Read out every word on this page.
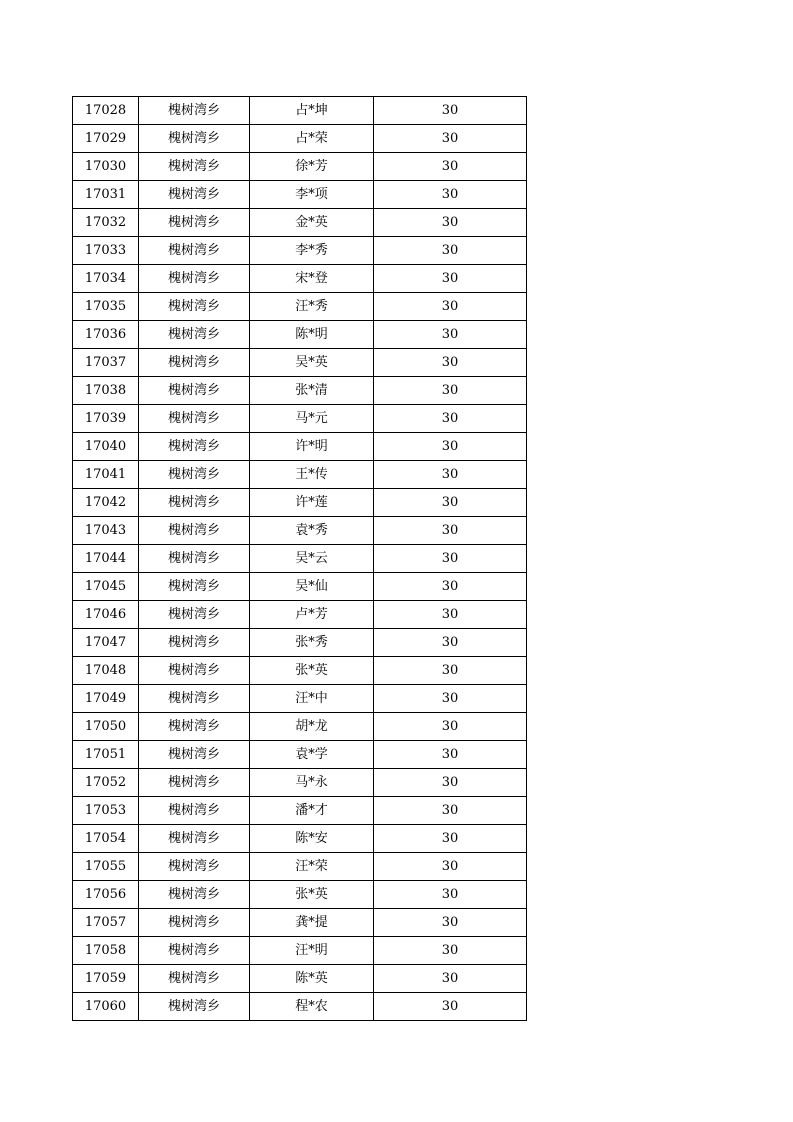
17028	槐树湾乡	占*坤	30
17029	槐树湾乡	占*荣	30
17030	槐树湾乡	徐*芳	30
17031	槐树湾乡	李*项	30
17032	槐树湾乡	金*英	30
17033	槐树湾乡	李*秀	30
17034	槐树湾乡	宋*登	30
17035	槐树湾乡	汪*秀	30
17036	槐树湾乡	陈*明	30
17037	槐树湾乡	吴*英	30
17038	槐树湾乡	张*清	30
17039	槐树湾乡	马*元	30
17040	槐树湾乡	许*明	30
17041	槐树湾乡	王*传	30
17042	槐树湾乡	许*莲	30
17043	槐树湾乡	袁*秀	30
17044	槐树湾乡	吴*云	30
17045	槐树湾乡	吴*仙	30
17046	槐树湾乡	卢*芳	30
17047	槐树湾乡	张*秀	30
17048	槐树湾乡	张*英	30
17049	槐树湾乡	汪*中	30
17050	槐树湾乡	胡*龙	30
17051	槐树湾乡	袁*学	30
17052	槐树湾乡	马*永	30
17053	槐树湾乡	潘*才	30
17054	槐树湾乡	陈*安	30
17055	槐树湾乡	汪*荣	30
17056	槐树湾乡	张*英	30
17057	槐树湾乡	龚*提	30
17058	槐树湾乡	汪*明	30
17059	槐树湾乡	陈*英	30
17060	槐树湾乡	程*农	30
